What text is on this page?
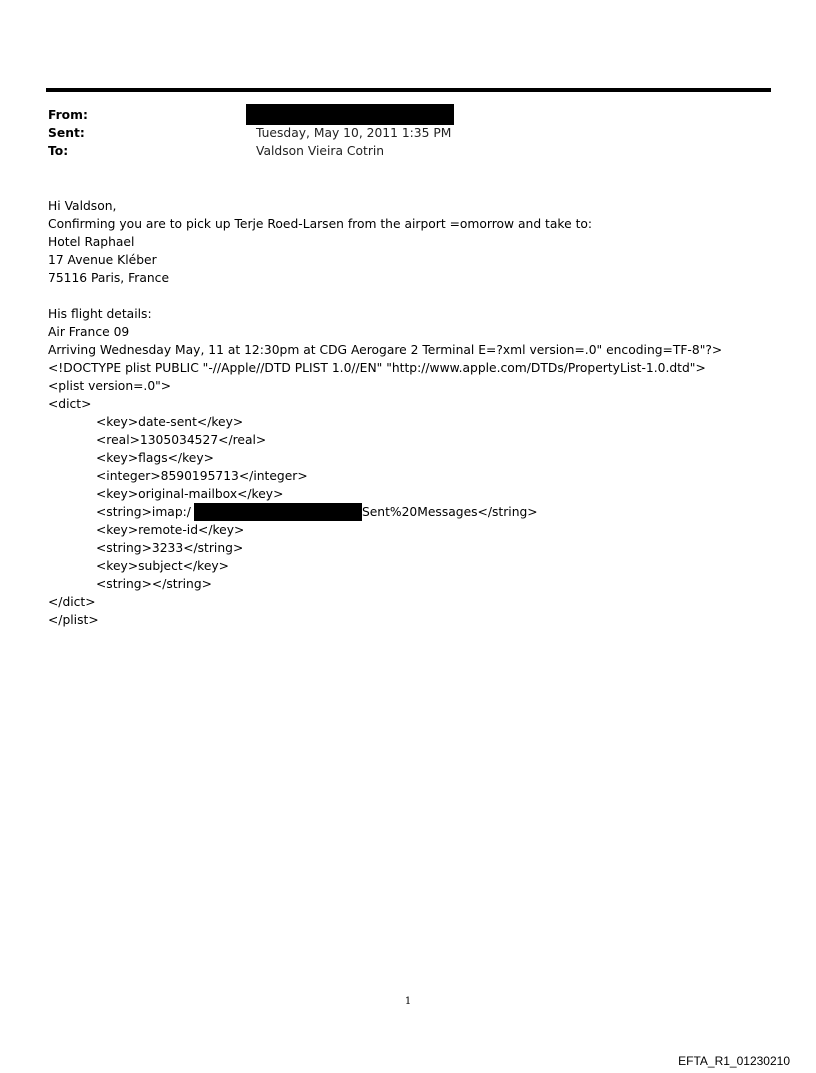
From:
Sent:	Tuesday, May 10, 2011 1:35 PM
To:	Valdson Vieira Cotrin
Hi Valdson,
Confirming you are to pick up Terje Roed-Larsen from the airport =omorrow and take to:
Hotel Raphael
17 Avenue Kléber
75116 Paris, France
His flight details:
Air France 09
Arriving Wednesday May, 11 at 12:30pm at CDG Aerogare 2 Terminal E=?xml version=.0" encoding=TF-8"?> <!DOCTYPE plist PUBLIC "-//Apple//DTD PLIST 1.0//EN" "http://www.apple.com/DTDs/PropertyList-1.0.dtd">
<plist version=.0">
<dict>
<key>date-sent</key>
<real>1305034527</real>
<key>flags</key>
<integer>8590195713</integer>
<key>original-mailbox</key>
<string>imap:/	Sent%20Messages</string>
<key>remote-id</key>
<string>3233</string>
<key>subject</key>
<string></string>
</dict>
</plist>
1
EFTA_R1_01230210
